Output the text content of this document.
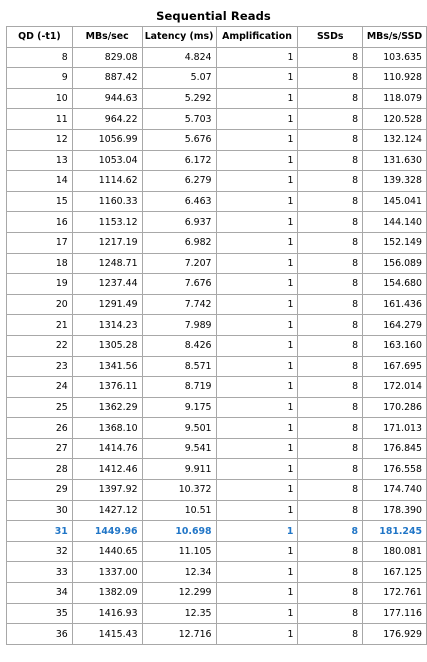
Sequential Reads
QD (-t1)	MBs/sec	Latency (ms)	Amplification	SSDs	MBs/s/SSD
8	829.08	4.824	1	8	103.635
9	887.42	5.07	1	8	110.928
10	944.63	5.292	1	8	118.079
11	964.22	5.703	1	8	120.528
12	1056.99	5.676	1	8	132.124
13	1053.04	6.172	1	8	131.630
14	1114.62	6.279	1	8	139.328
15	1160.33	6.463	1	8	145.041
16	1153.12	6.937	1	8	144.140
17	1217.19	6.982	1	8	152.149
18	1248.71	7.207	1	8	156.089
19	1237.44	7.676	1	8	154.680
20	1291.49	7.742	1	8	161.436
21	1314.23	7.989	1	8	164.279
22	1305.28	8.426	1	8	163.160
23	1341.56	8.571	1	8	167.695
24	1376.11	8.719	1	8	172.014
25	1362.29	9.175	1	8	170.286
26	1368.10	9.501	1	8	171.013
27	1414.76	9.541	1	8	176.845
28	1412.46	9.911	1	8	176.558
29	1397.92	10.372	1	8	174.740
30	1427.12	10.51	1	8	178.390
31	1449.96	10.698	1	8	181.245
32	1440.65	11.105	1	8	180.081
33	1337.00	12.34	1	8	167.125
34	1382.09	12.299	1	8	172.761
35	1416.93	12.35	1	8	177.116
36	1415.43	12.716	1	8	176.929
